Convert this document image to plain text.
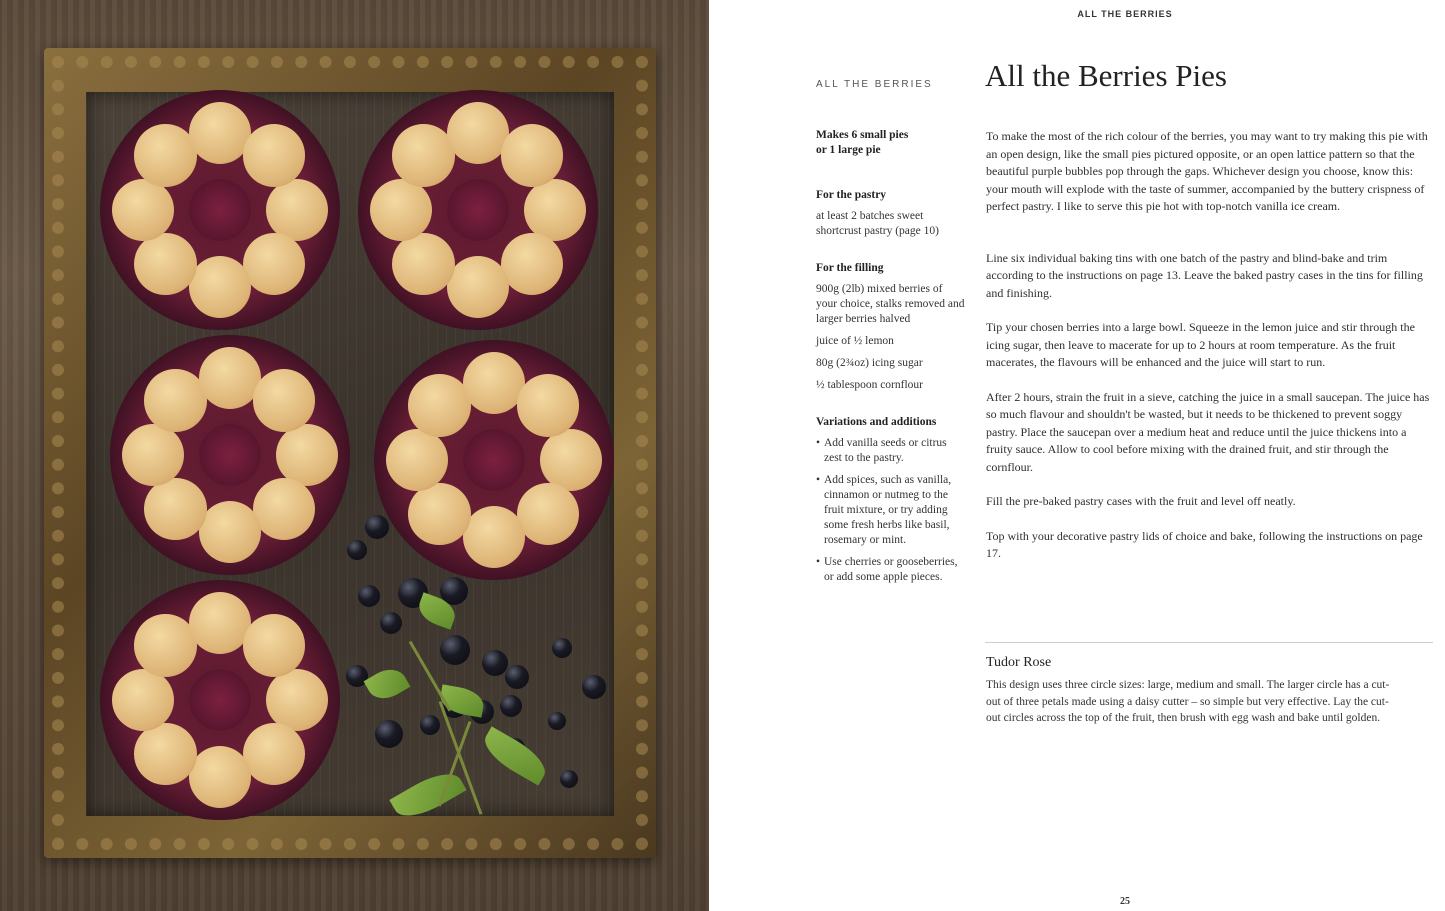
ALL THE BERRIES
ALL THE BERRIES All the Berries Pies

Makes 6 small pies

or 1 large pie

For the pastry

at least 2 batches sweet shortcrust pastry (page 10)

For the filling

900g (2lb) mixed berries of your choice, stalks removed and larger berries halved

juice of ½ lemon

80g (2¾oz) icing sugar

½ tablespoon cornflour

Variations and additions

• Add vanilla seeds or citrus zest to the pastry.
• Add spices, such as vanilla, cinnamon or nutmeg to the fruit mixture, or try adding some fresh herbs like basil, rosemary or mint.
• Use cherries or gooseberries, or add some apple pieces.

To make the most of the rich colour of the berries, you may want to try making this pie with an open design, like the small pies pictured opposite, or an open lattice pattern so that the beautiful purple bubbles pop through the gaps. Whichever design you choose, know this: your mouth will explode with the taste of summer, accompanied by the buttery crispness of perfect pastry. I like to serve this pie hot with top-notch vanilla ice cream.

Line six individual baking tins with one batch of the pastry and blind-bake and trim according to the instructions on page 13. Leave the baked pastry cases in the tins for filling and finishing.

Tip your chosen berries into a large bowl. Squeeze in the lemon juice and stir through the icing sugar, then leave to macerate for up to 2 hours at room temperature. As the fruit macerates, the flavours will be enhanced and the juice will start to run.

After 2 hours, strain the fruit in a sieve, catching the juice in a small saucepan. The juice has so much flavour and shouldn't be wasted, but it needs to be thickened to prevent soggy pastry. Place the saucepan over a medium heat and reduce until the juice thickens into a fruity sauce. Allow to cool before mixing with the drained fruit, and stir through the cornflour.

Fill the pre-baked pastry cases with the fruit and level off neatly.

Top with your decorative pastry lids of choice and bake, following the instructions on page 17.

Tudor Rose
This design uses three circle sizes: large, medium and small. The larger circle has a cut-out of three petals made using a daisy cutter – so simple but very effective. Lay the cut-out circles across the top of the fruit, then brush with egg wash and bake until golden.
25
